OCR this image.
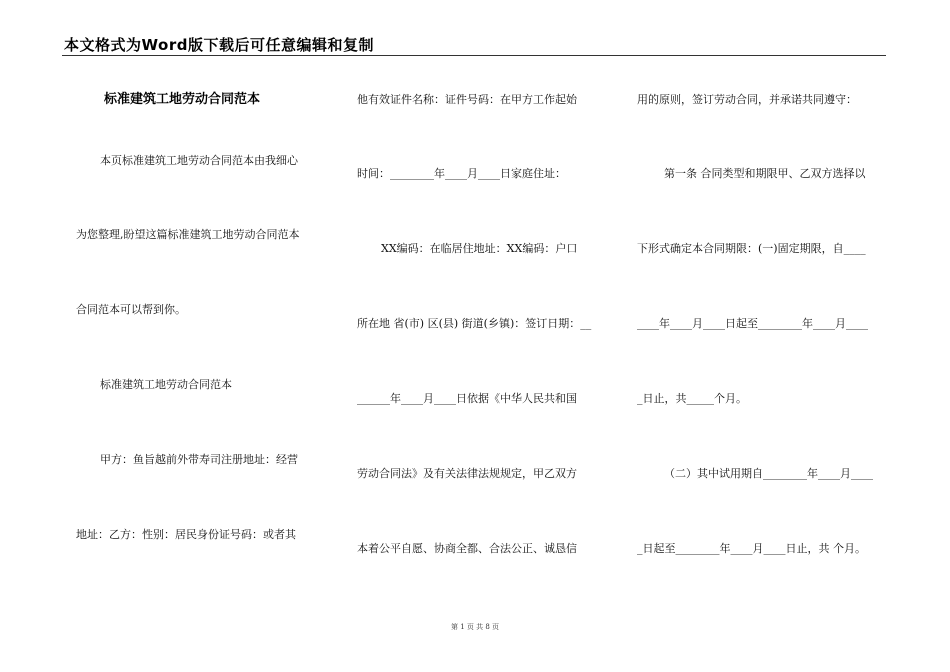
本文格式为Word版下载后可任意编辑和复制
标准建筑工地劳动合同范本
本页标准建筑工地劳动合同范本由我细心
为您整理,盼望这篇标准建筑工地劳动合同范本
合同范本可以帮到你。
标准建筑工地劳动合同范本
甲方：鱼旨越前外带寿司注册地址：经营
地址：乙方：性别：居民身份证号码：或者其
他有效证件名称：证件号码：在甲方工作起始
时间：________年____月____日家庭住址：
XX编码：在临居住地址：XX编码：户口
所在地 省(市) 区(县) 街道(乡镇)：签订日期：__
______年____月____日依据《中华人民共和国
劳动合同法》及有关法律法规规定，甲乙双方
本着公平自愿、协商全都、合法公正、诚恳信
用的原则，签订劳动合同，并承诺共同遵守：
第一条 合同类型和期限甲、乙双方选择以
下形式确定本合同期限：(一)固定期限，自____
____年____月____日起至________年____月____
_日止，共_____个月。
（二）其中试用期自________年____月____
_日起至________年____月____日止，共 个月。
第 1 页 共 8 页
